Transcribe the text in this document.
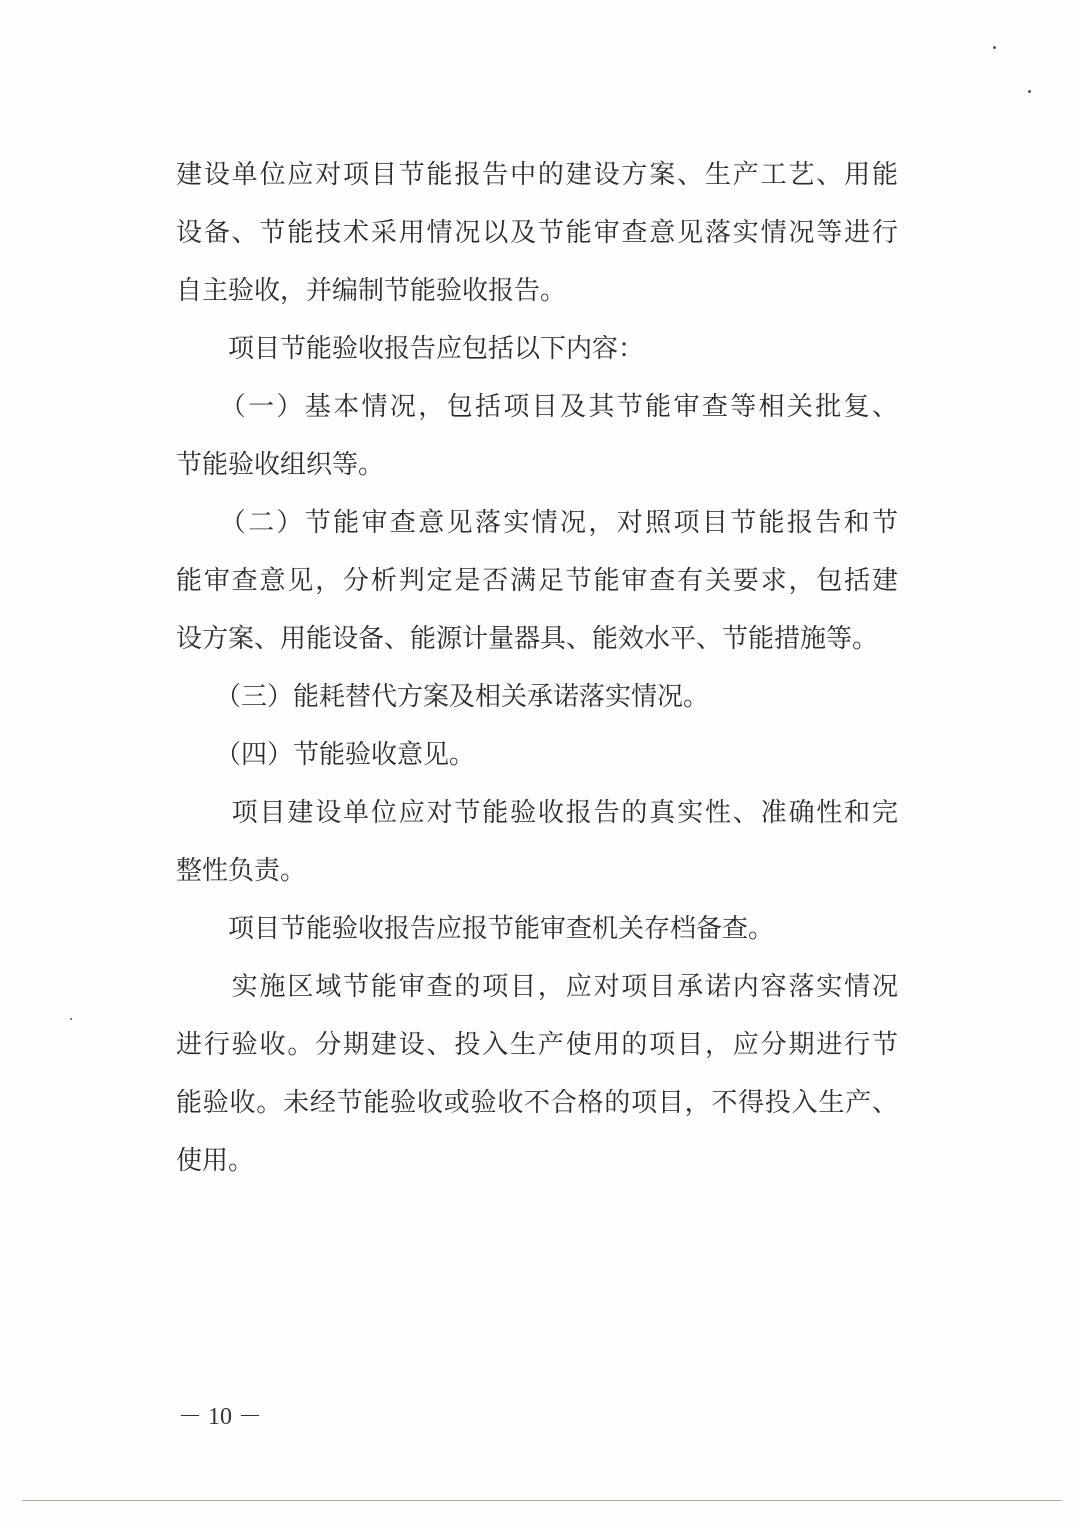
建设单位应对项目节能报告中的建设方案、生产工艺、用能
设备、节能技术采用情况以及节能审查意见落实情况等进行
自主验收，并编制节能验收报告。
　　项目节能验收报告应包括以下内容：
　　（一）基本情况，包括项目及其节能审查等相关批复、
节能验收组织等。
　　（二）节能审查意见落实情况，对照项目节能报告和节
能审查意见，分析判定是否满足节能审查有关要求，包括建
设方案、用能设备、能源计量器具、能效水平、节能措施等。
　　（三）能耗替代方案及相关承诺落实情况。
　　（四）节能验收意见。
　　项目建设单位应对节能验收报告的真实性、准确性和完
整性负责。
　　项目节能验收报告应报节能审查机关存档备查。
　　实施区域节能审查的项目，应对项目承诺内容落实情况
进行验收。分期建设、投入生产使用的项目，应分期进行节
能验收。未经节能验收或验收不合格的项目，不得投入生产、
使用。
－ 10 －
